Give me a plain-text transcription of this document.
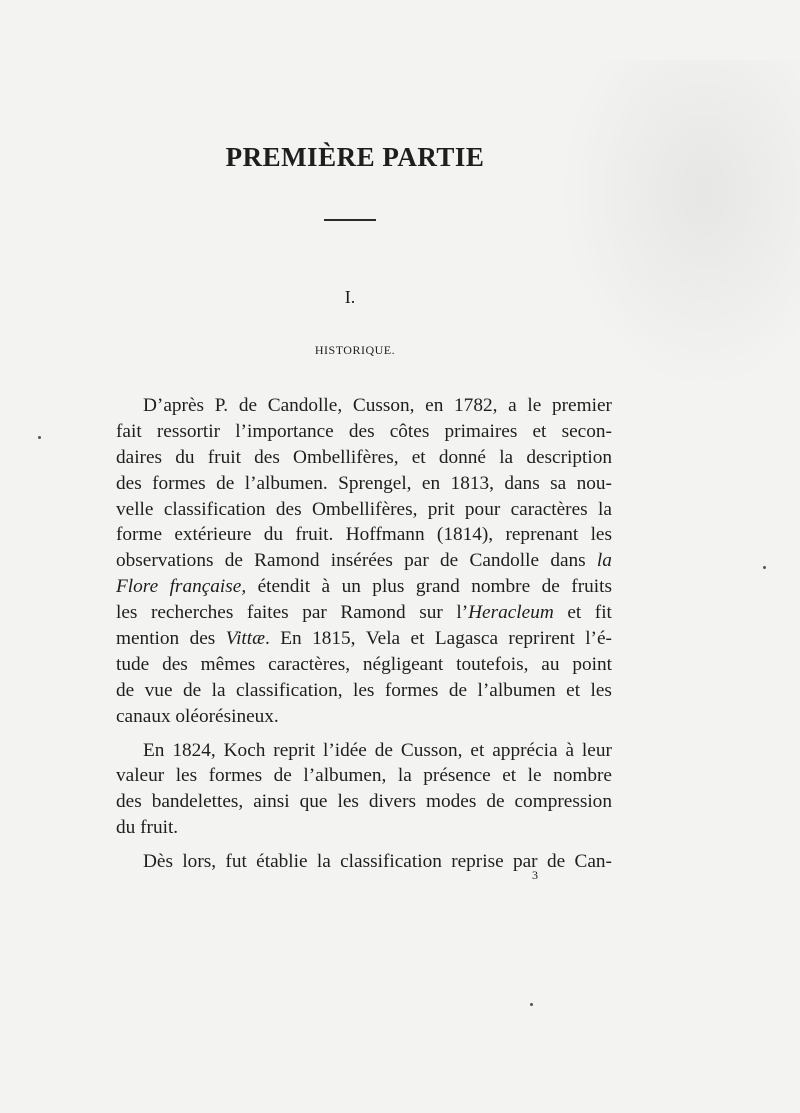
PREMIÈRE PARTIE
I.
HISTORIQUE.
D’après P. de Candolle, Cusson, en 1782, a le premier
fait ressortir l’importance des côtes primaires et secon-
daires du fruit des Ombellifères, et donné la description
des formes de l’albumen. Sprengel, en 1813, dans sa nou-
velle classification des Ombellifères, prit pour caractères la
forme extérieure du fruit. Hoffmann (1814), reprenant les
observations de Ramond insérées par de Candolle dans la
Flore française, étendit à un plus grand nombre de fruits
les recherches faites par Ramond sur l’Heracleum et fit
mention des Vittæ. En 1815, Vela et Lagasca reprirent l’é-
tude des mêmes caractères, négligeant toutefois, au point
de vue de la classification, les formes de l’albumen et les
canaux oléorésineux.
En 1824, Koch reprit l’idée de Cusson, et apprécia à leur
valeur les formes de l’albumen, la présence et le nombre
des bandelettes, ainsi que les divers modes de compression
du fruit.
Dès lors, fut établie la classification reprise par de Can-
3
